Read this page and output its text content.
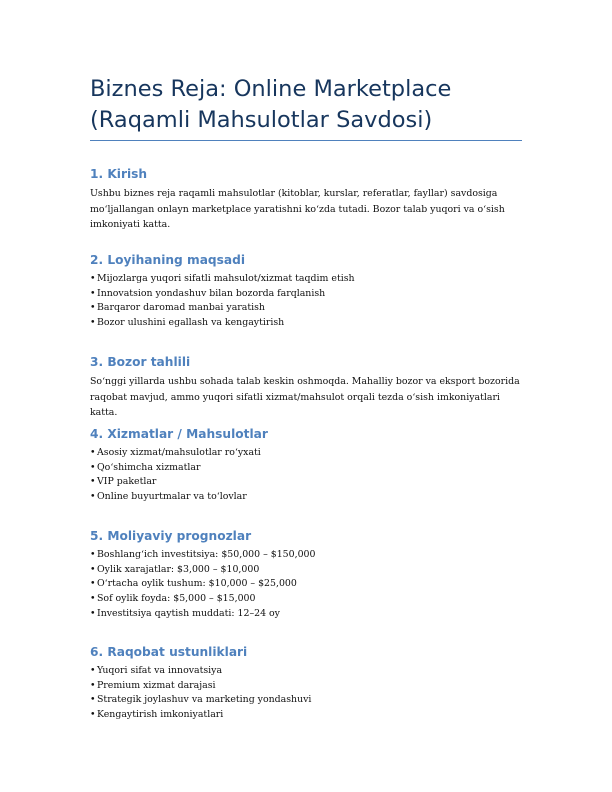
Biznes Reja: Online Marketplace
(Raqamli Mahsulotlar Savdosi)
1. Kirish

Ushbu biznes reja raqamli mahsulotlar (kitoblar, kurslar, referatlar, fayllar) savdosiga
mo‘ljallangan onlayn marketplace yaratishni ko‘zda tutadi. Bozor talab yuqori va o‘sish
imkoniyati katta.

2. Loyihaning maqsadi
• Mijozlarga yuqori sifatli mahsulot/xizmat taqdim etish
• Innovatsion yondashuv bilan bozorda farqlanish
• Barqaror daromad manbai yaratish
• Bozor ulushini egallash va kengaytirish
3. Bozor tahlili

So‘nggi yillarda ushbu sohada talab keskin oshmoqda. Mahalliy bozor va eksport bozorida
raqobat mavjud, ammo yuqori sifatli xizmat/mahsulot orqali tezda o‘sish imkoniyatlari katta.

4. Xizmatlar / Mahsulotlar
• Asosiy xizmat/mahsulotlar ro‘yxati
• Qo‘shimcha xizmatlar
• VIP paketlar
• Online buyurtmalar va to‘lovlar
5. Moliyaviy prognozlar
• Boshlang‘ich investitsiya: $50,000 – $150,000
• Oylik xarajatlar: $3,000 – $10,000
• O‘rtacha oylik tushum: $10,000 – $25,000
• Sof oylik foyda: $5,000 – $15,000
• Investitsiya qaytish muddati: 12–24 oy
6. Raqobat ustunliklari
• Yuqori sifat va innovatsiya
• Premium xizmat darajasi
• Strategik joylashuv va marketing yondashuvi
• Kengaytirish imkoniyatlari
